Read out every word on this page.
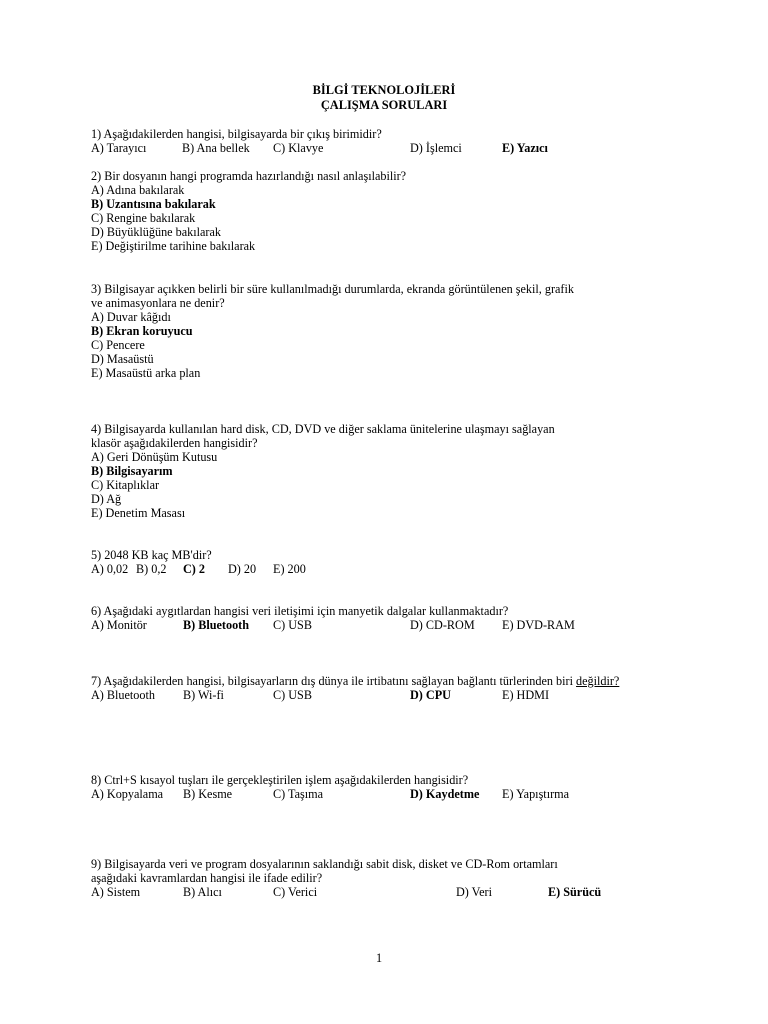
BİLGİ TEKNOLOJİLERİ
ÇALIŞMA SORULARI
1) Aşağıdakilerden hangisi, bilgisayarda bir çıkış birimidir?
A) Tarayıcı	B) Ana bellek C) Klavye	D) İşlemci	E) Yazıcı
2) Bir dosyanın hangi programda hazırlandığı nasıl anlaşılabilir?
A) Adına bakılarak
B) Uzantısına bakılarak
C) Rengine bakılarak
D) Büyüklüğüne bakılarak
E) Değiştirilme tarihine bakılarak
3) Bilgisayar açıkken belirli bir süre kullanılmadığı durumlarda, ekranda görüntülenen şekil, grafik
ve animasyonlara ne denir?
A) Duvar kâğıdı
B) Ekran koruyucu
C) Pencere
D) Masaüstü
E) Masaüstü arka plan
4) Bilgisayarda kullanılan hard disk, CD, DVD ve diğer saklama ünitelerine ulaşmayı sağlayan
klasör aşağıdakilerden hangisidir?
A) Geri Dönüşüm Kutusu
B) Bilgisayarım
C) Kitaplıklar
D) Ağ
E) Denetim Masası
5) 2048 KB kaç MB'dir?
A) 0,02 B) 0,2 C) 2 D) 20 E) 200
6) Aşağıdaki aygıtlardan hangisi veri iletişimi için manyetik dalgalar kullanmaktadır?
A) Monitör	B) Bluetooth C) USB	D) CD-ROM E) DVD-RAM
7) Aşağıdakilerden hangisi, bilgisayarların dış dünya ile irtibatını sağlayan bağlantı türlerinden biri değildir?
A) Bluetooth B) Wi-fi	C) USB	D) CPU	E) HDMI
8) Ctrl+S kısayol tuşları ile gerçekleştirilen işlem aşağıdakilerden hangisidir?
A) Kopyalama B) Kesme	C) Taşıma	D) Kaydetme E) Yapıştırma
9) Bilgisayarda veri ve program dosyalarının saklandığı sabit disk, disket ve CD-Rom ortamları
aşağıdaki kavramlardan hangisi ile ifade edilir?
A) Sistem	B) Alıcı	C) Verici	D) Veri	E) Sürücü
1
